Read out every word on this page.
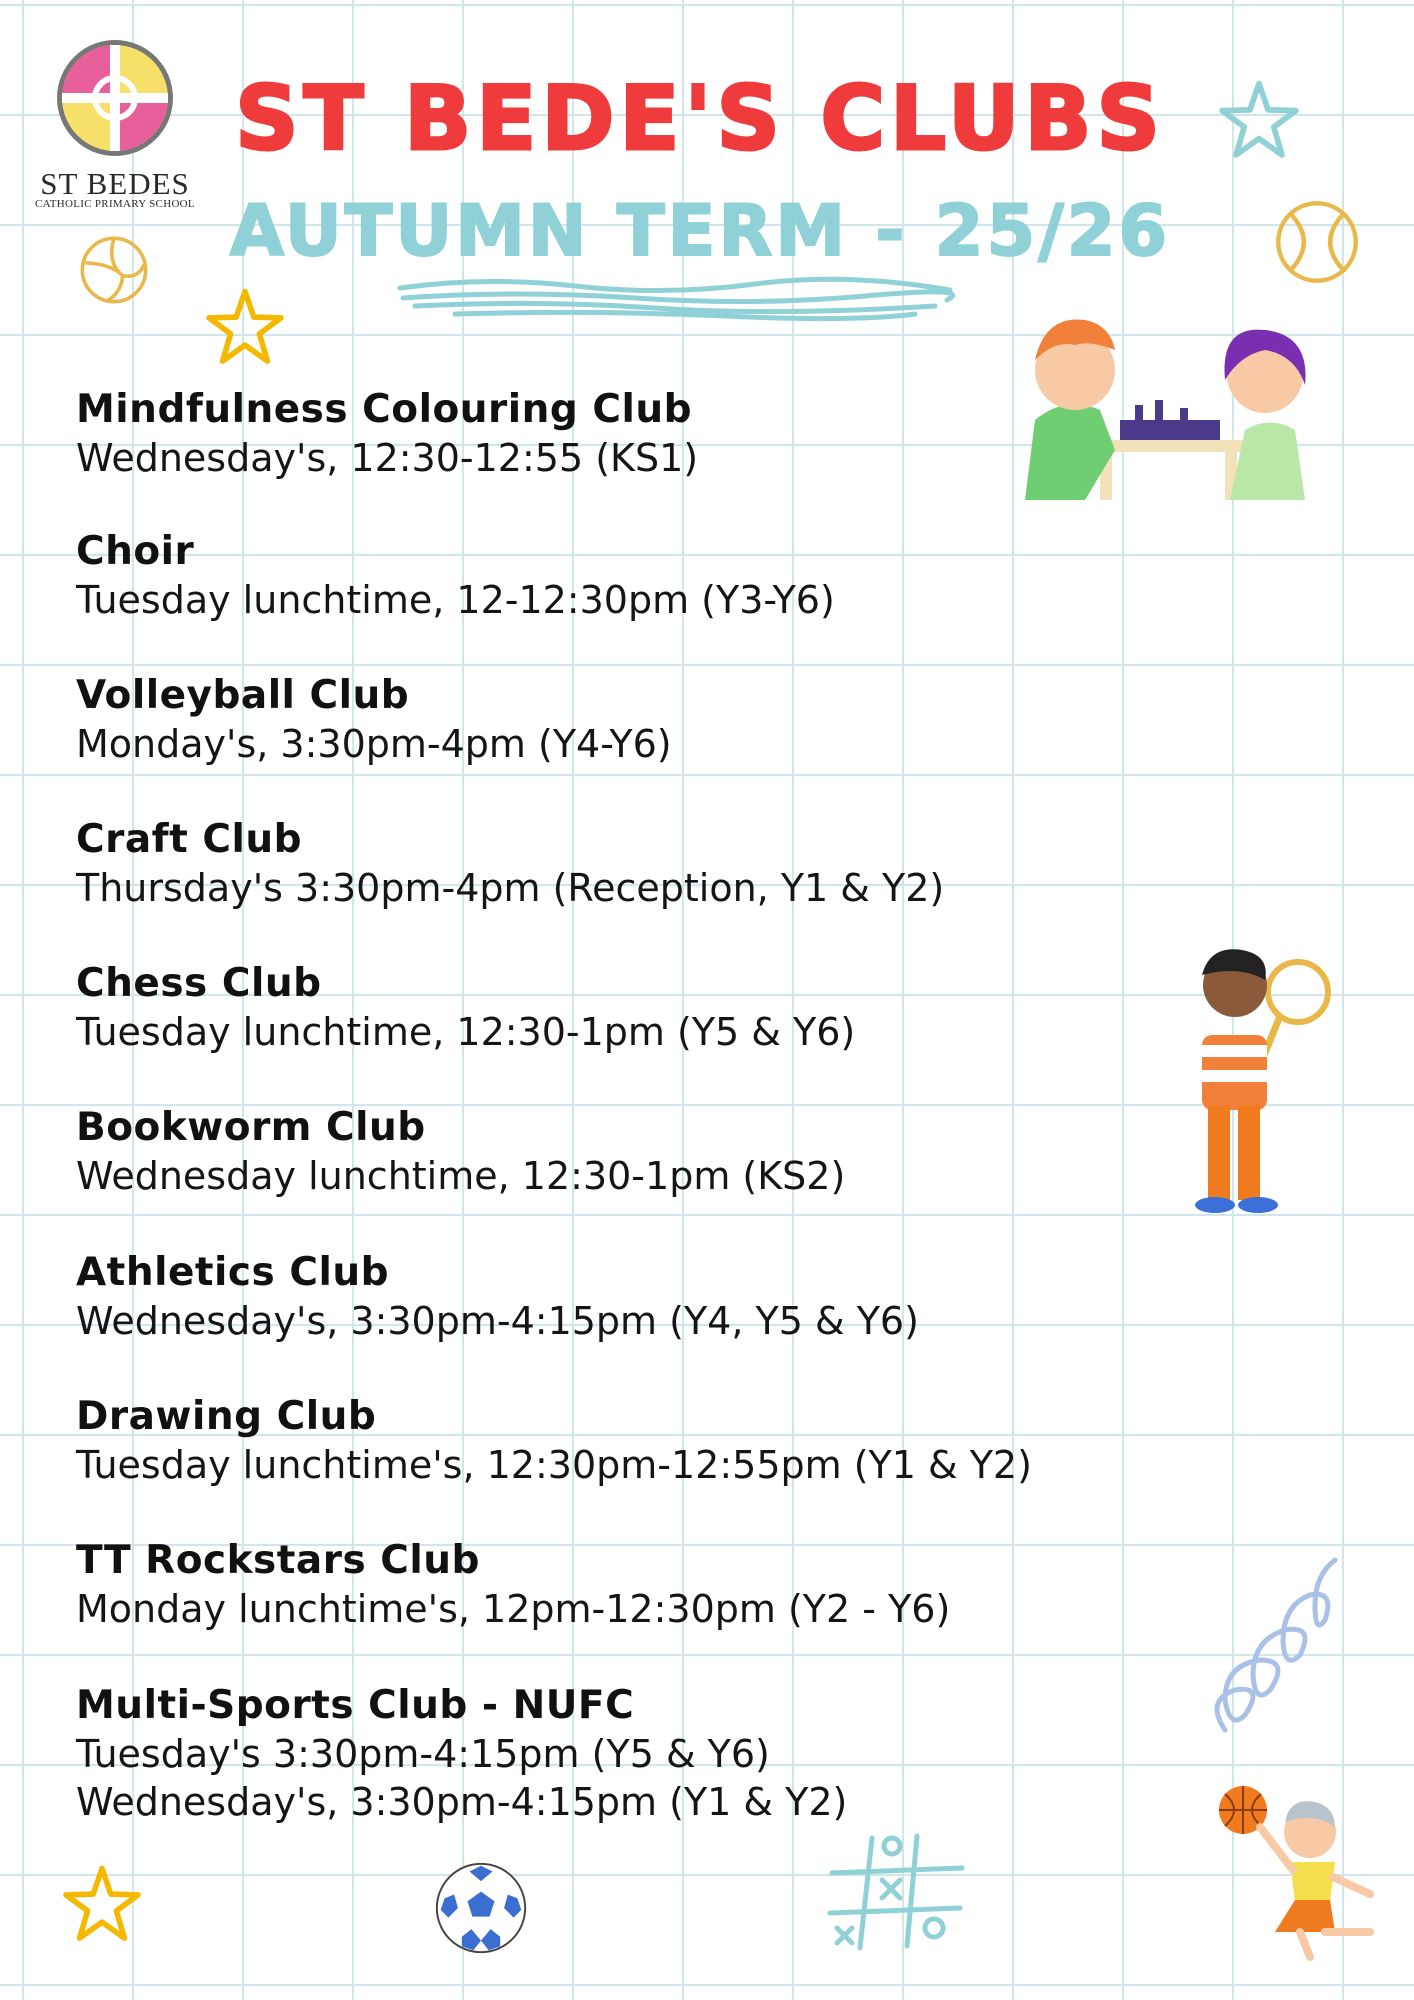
ST BEDES
CATHOLIC PRIMARY SCHOOL
ST BEDE'S CLUBS
AUTUMN TERM - 25/26
Mindfulness Colouring Club
Wednesday's, 12:30-12:55 (KS1)
Choir
Tuesday lunchtime, 12-12:30pm (Y3-Y6)
Volleyball Club
Monday's, 3:30pm-4pm (Y4-Y6)
Craft Club
Thursday's 3:30pm-4pm (Reception, Y1 & Y2)
Chess Club
Tuesday lunchtime, 12:30-1pm (Y5 & Y6)
Bookworm Club
Wednesday lunchtime, 12:30-1pm (KS2)
Athletics Club
Wednesday's, 3:30pm-4:15pm (Y4, Y5 & Y6)
Drawing Club
Tuesday lunchtime's, 12:30pm-12:55pm (Y1 & Y2)
TT Rockstars Club
Monday lunchtime's, 12pm-12:30pm (Y2 - Y6)
Multi-Sports Club - NUFC
Tuesday's 3:30pm-4:15pm (Y5 & Y6)
Wednesday's, 3:30pm-4:15pm (Y1 & Y2)
